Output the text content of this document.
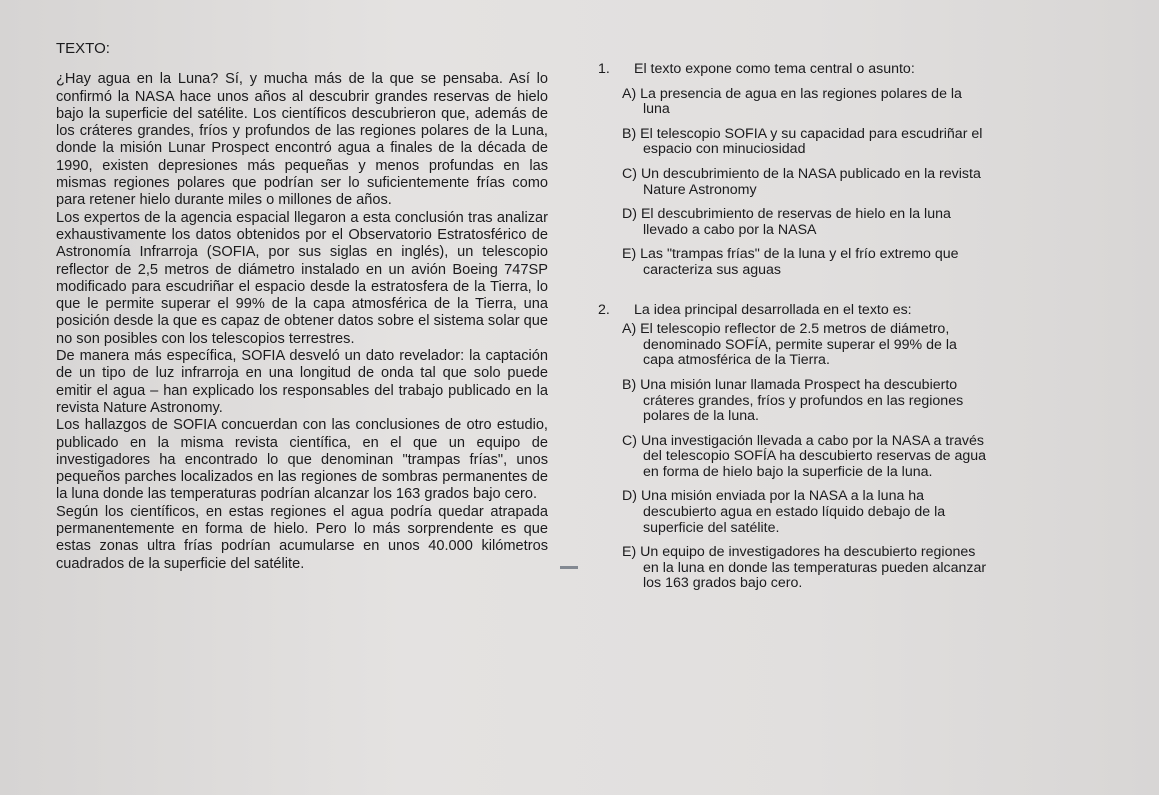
TEXTO:

¿Hay agua en la Luna? Sí, y mucha más de la que se pensaba. Así lo confirmó la NASA hace unos años al descubrir grandes reservas de hielo bajo la superficie del satélite. Los científicos descubrieron que, además de los cráteres grandes, fríos y profundos de las regiones polares de la Luna, donde la misión Lunar Prospect encontró agua a finales de la década de 1990, existen depresiones más pequeñas y menos profundas en las mismas regiones polares que podrían ser lo suficientemente frías como para retener hielo durante miles o millones de años.

Los expertos de la agencia espacial llegaron a esta conclusión tras analizar exhaustivamente los datos obtenidos por el Observatorio Estratosférico de Astronomía Infrarroja (SOFIA, por sus siglas en inglés), un telescopio reflector de 2,5 metros de diámetro instalado en un avión Boeing 747SP modificado para escudriñar el espacio desde la estratosfera de la Tierra, lo que le permite superar el 99% de la capa atmosférica de la Tierra, una posición desde la que es capaz de obtener datos sobre el sistema solar que no son posibles con los telescopios terrestres.

De manera más específica, SOFIA desveló un dato revelador: la captación de un tipo de luz infrarroja en una longitud de onda tal que solo puede emitir el agua – han explicado los responsables del trabajo publicado en la revista Nature Astronomy.

Los hallazgos de SOFIA concuerdan con las conclusiones de otro estudio, publicado en la misma revista científica, en el que un equipo de investigadores ha encontrado lo que denominan "trampas frías", unos pequeños parches localizados en las regiones de sombras permanentes de la luna donde las temperaturas podrían alcanzar los 163 grados bajo cero.

Según los científicos, en estas regiones el agua podría quedar atrapada permanentemente en forma de hielo. Pero lo más sorprendente es que estas zonas ultra frías podrían acumularse en unos 40.000 kilómetros cuadrados de la superficie del satélite.

1.	El texto expone como tema central o asunto:
A) La presencia de agua en las regiones polares de la
luna
B) El telescopio SOFIA y su capacidad para escudriñar el
espacio con minuciosidad
C) Un descubrimiento de la NASA publicado en la revista
Nature Astronomy
D) El descubrimiento de reservas de hielo en la luna
llevado a cabo por la NASA
E) Las "trampas frías" de la luna y el frío extremo que
caracteriza sus aguas
2.	La idea principal desarrollada en el texto es:
A) El telescopio reflector de 2.5 metros de diámetro,
denominado SOFÍA, permite superar el 99% de la
capa atmosférica de la Tierra.
B) Una misión lunar llamada Prospect ha descubierto
cráteres grandes, fríos y profundos en las regiones
polares de la luna.
C) Una investigación llevada a cabo por la NASA a través
del telescopio SOFÍA ha descubierto reservas de agua
en forma de hielo bajo la superficie de la luna.
D) Una misión enviada por la NASA a la luna ha
descubierto agua en estado líquido debajo de la
superficie del satélite.
E) Un equipo de investigadores ha descubierto regiones
en la luna en donde las temperaturas pueden alcanzar
los 163 grados bajo cero.
